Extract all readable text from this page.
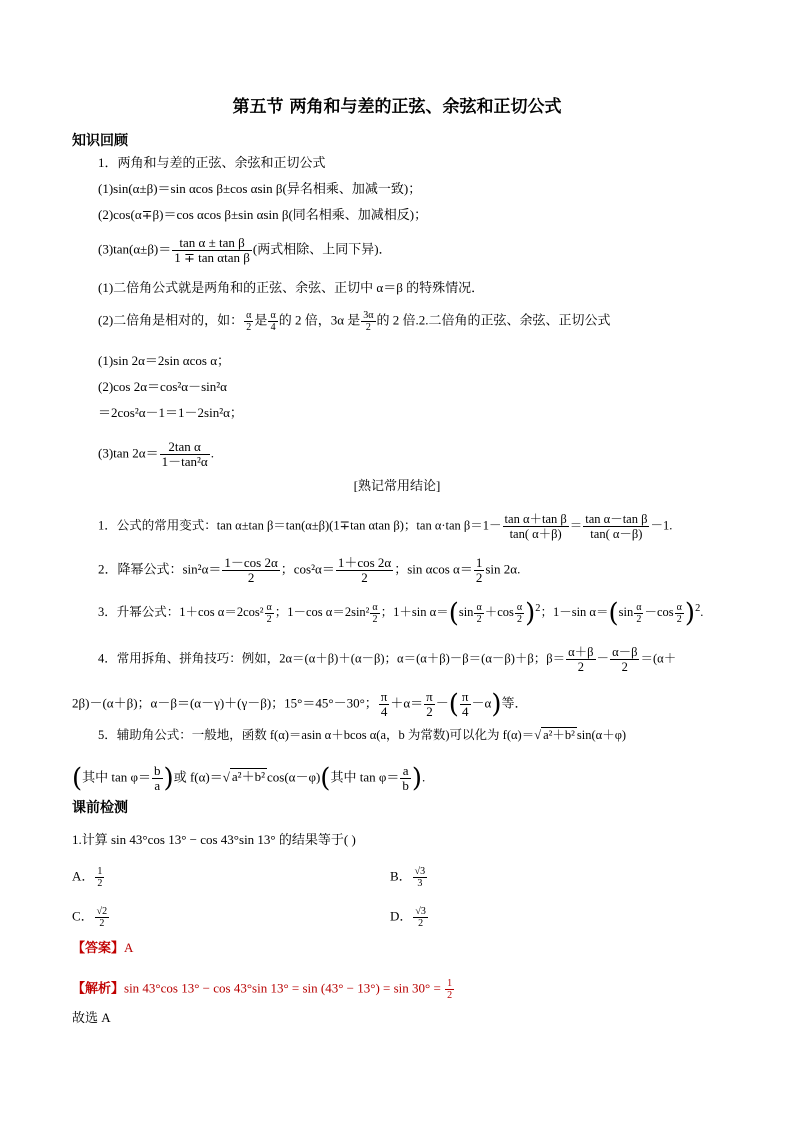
第五节 两角和与差的正弦、余弦和正切公式
知识回顾
1．两角和与差的正弦、余弦和正切公式
(1)sin(α±β)＝sin αcos β±cos αsin β(异名相乘、加减一致)；
(2)cos(α∓β)＝cos αcos β±sin αsin β(同名相乘、加减相反)；
$(3)\tan(\alpha\pm\beta)= \frac{\text{tan α ± tan β}}{\text{1 ∓ tan αtan β}}$ (两式相除、上同下异)．
(1)二倍角公式就是两角和的正弦、余弦、正切中 α＝β 的特殊情况．
(2)二倍角是相对的，如： $\frac{\alpha}{2}$ 是 $\frac{\alpha}{4}$ 的 2 倍，3α 是 $\frac{3\alpha}{2}$ 的 2 倍.2.二倍角的正弦、余弦、正切公式
(1)sin 2α＝2sin αcos α；
(2)cos 2α＝cos²α－sin²α
＝2cos²α－1＝1－2sin²α；
(3)tan $2\alpha= \frac{\text{2tan α}}{\text{1－tan²α}}$ .
[熟记常用结论]
1．公式的常用变式：tan α±tan β＝tan(α±β)(1∓tan αtan β)；tan α·tan $\beta=1- \frac{\text{tan α＋tan β}}{\tan( \alpha+\beta)} = \frac{\text{tan α－tan β}}{\tan( \alpha-\beta)} -1$.
2．降幂公式：$\sin^2\alpha= \frac{1-\cos 2\alpha}{2}$ ；$\cos^2\alpha= \frac{1+\cos 2\alpha}{2}$ ；sin αcos $\alpha= \frac{1}{2}$ sin 2α.
3．升幂公式：1＋cos $\alpha=2\cos^2 \frac{\alpha}{2}$ ；1－cos $\alpha=2\sin^2 \frac{\alpha}{2}$ ；1＋sin $\alpha=(\sin \frac{\alpha}{2} +\cos \frac{\alpha}{2} )^2$；1－sin $\alpha=(\sin \frac{\alpha}{2} -\cos \frac{\alpha}{2} )^2$.
4．常用拆角、拼角技巧：例如，2α＝(α＋β)＋(α－β)；α＝(α＋β)－β＝(α－β)＋β；$\beta= \frac{\alpha+\beta}{2} - \frac{\alpha-\beta}{2} =(\alpha+$
2β)－(α＋β)；α－β＝(α－γ)＋(γ－β)；15°＝45°－30°； $\frac{\pi}{4} +\alpha= \frac{\pi}{2}$ －( $\frac{\pi}{4} -\alpha$)等．
5．辅助角公式：一般地，函数 f(α)＝asin α＋bcos α(a，b 为常数)可以化为 f(α)＝√ a²＋b² sin(α＋φ)
(其中 $\tan \varphi= \frac{b}{a}$ )或 f(α)＝√ a²＋b² cos(α－φ)(其中 $\tan \varphi= \frac{a}{b}$ ).
课前检测
1.计算 sin 43°cos 13° − cos 43°sin 13° 的结果等于( )
A． $\frac{1}{2}$	B． $\frac{√3}{3}$
C． $\frac{√2}{2}$	D． $\frac{√3}{2}$
【答案】A
【解析】sin 43°cos 13° − cos 43°sin $13^\circ = \sin (43^\circ - 13^\circ) = \sin 30^\circ = \frac{1}{2}$
故选 A
